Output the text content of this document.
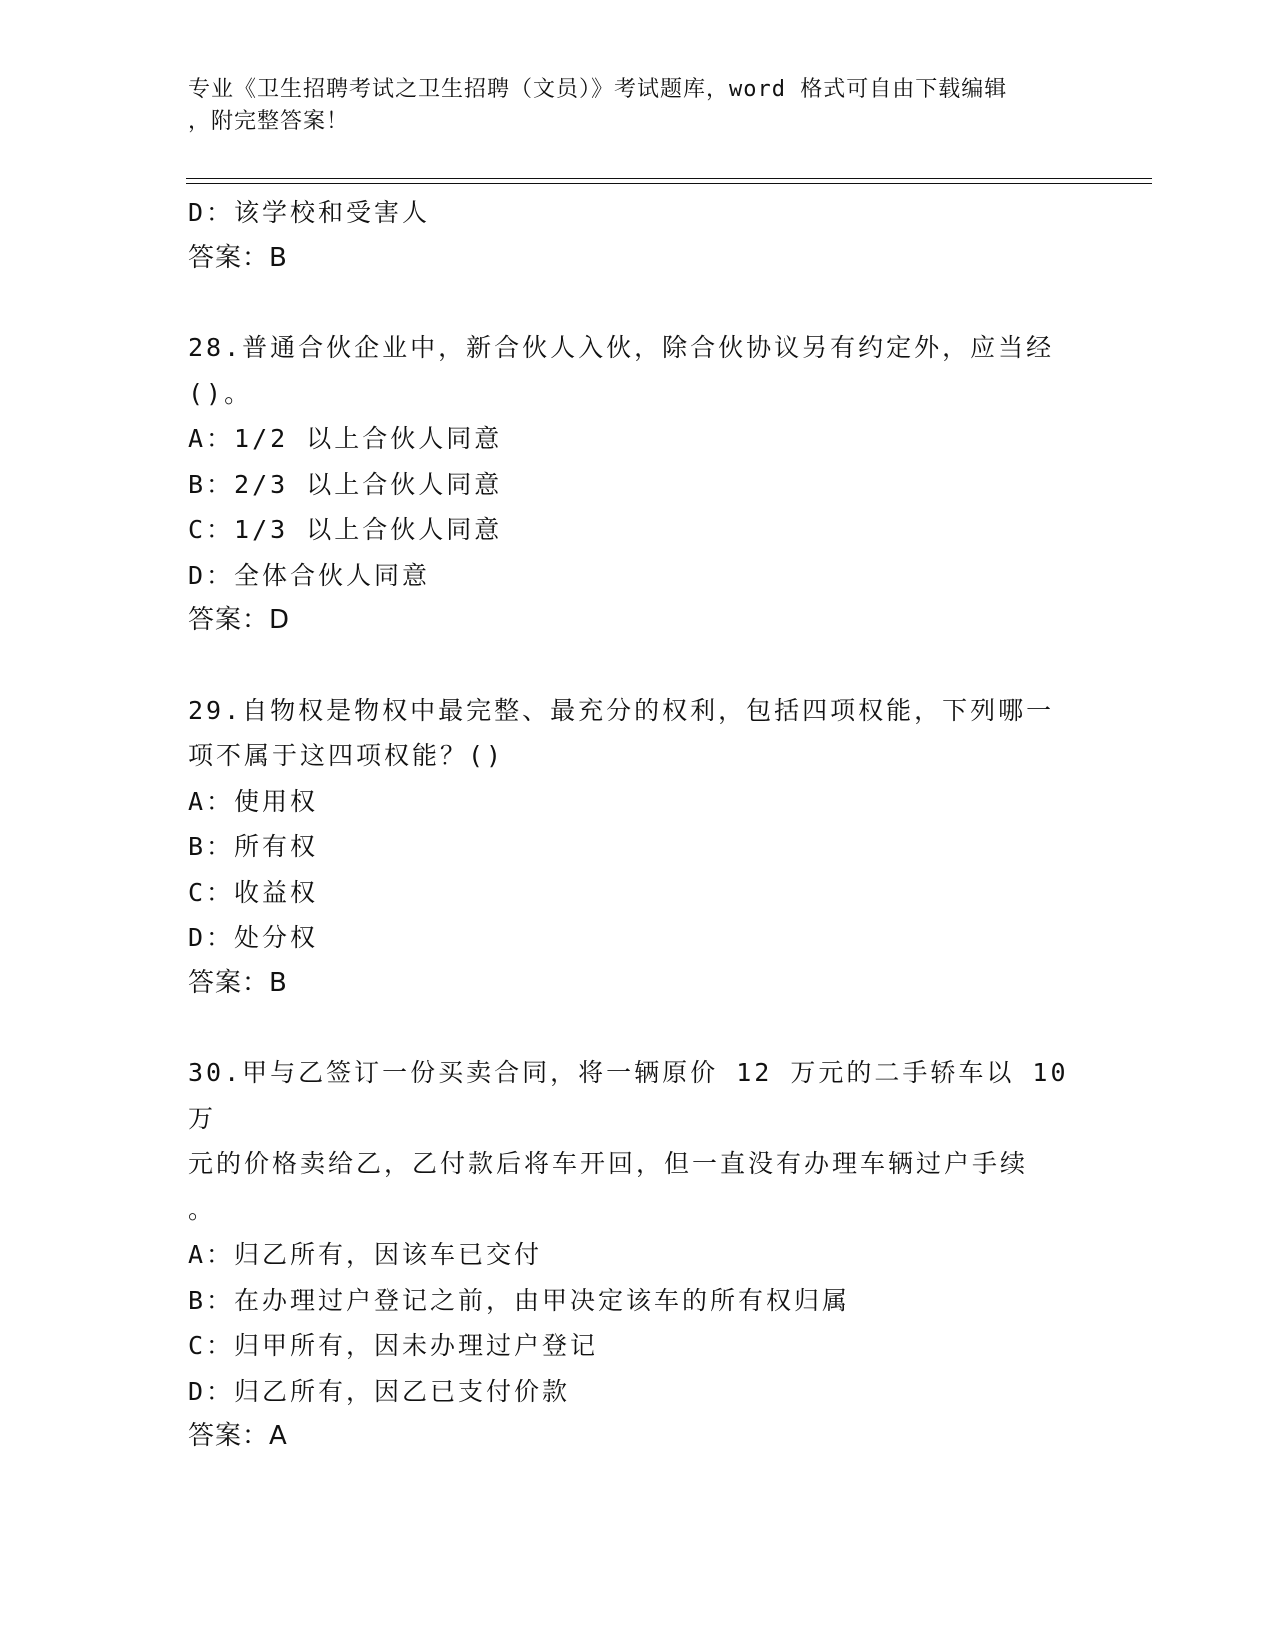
专业《卫生招聘考试之卫生招聘（文员）》考试题库，word 格式可自由下载编辑
，附完整答案！
D：该学校和受害人
答案：B
28.普通合伙企业中，新合伙人入伙，除合伙协议另有约定外，应当经
()。
A：1/2 以上合伙人同意
B：2/3 以上合伙人同意
C：1/3 以上合伙人同意
D：全体合伙人同意
答案：D
29.自物权是物权中最完整、最充分的权利，包括四项权能，下列哪一
项不属于这四项权能？()
A：使用权
B：所有权
C：收益权
D：处分权
答案：B
30.甲与乙签订一份买卖合同，将一辆原价 12 万元的二手轿车以 10 万
元的价格卖给乙，乙付款后将车开回，但一直没有办理车辆过户手续
。
A：归乙所有，因该车已交付
B：在办理过户登记之前，由甲决定该车的所有权归属
C：归甲所有，因未办理过户登记
D：归乙所有，因乙已支付价款
答案：A
